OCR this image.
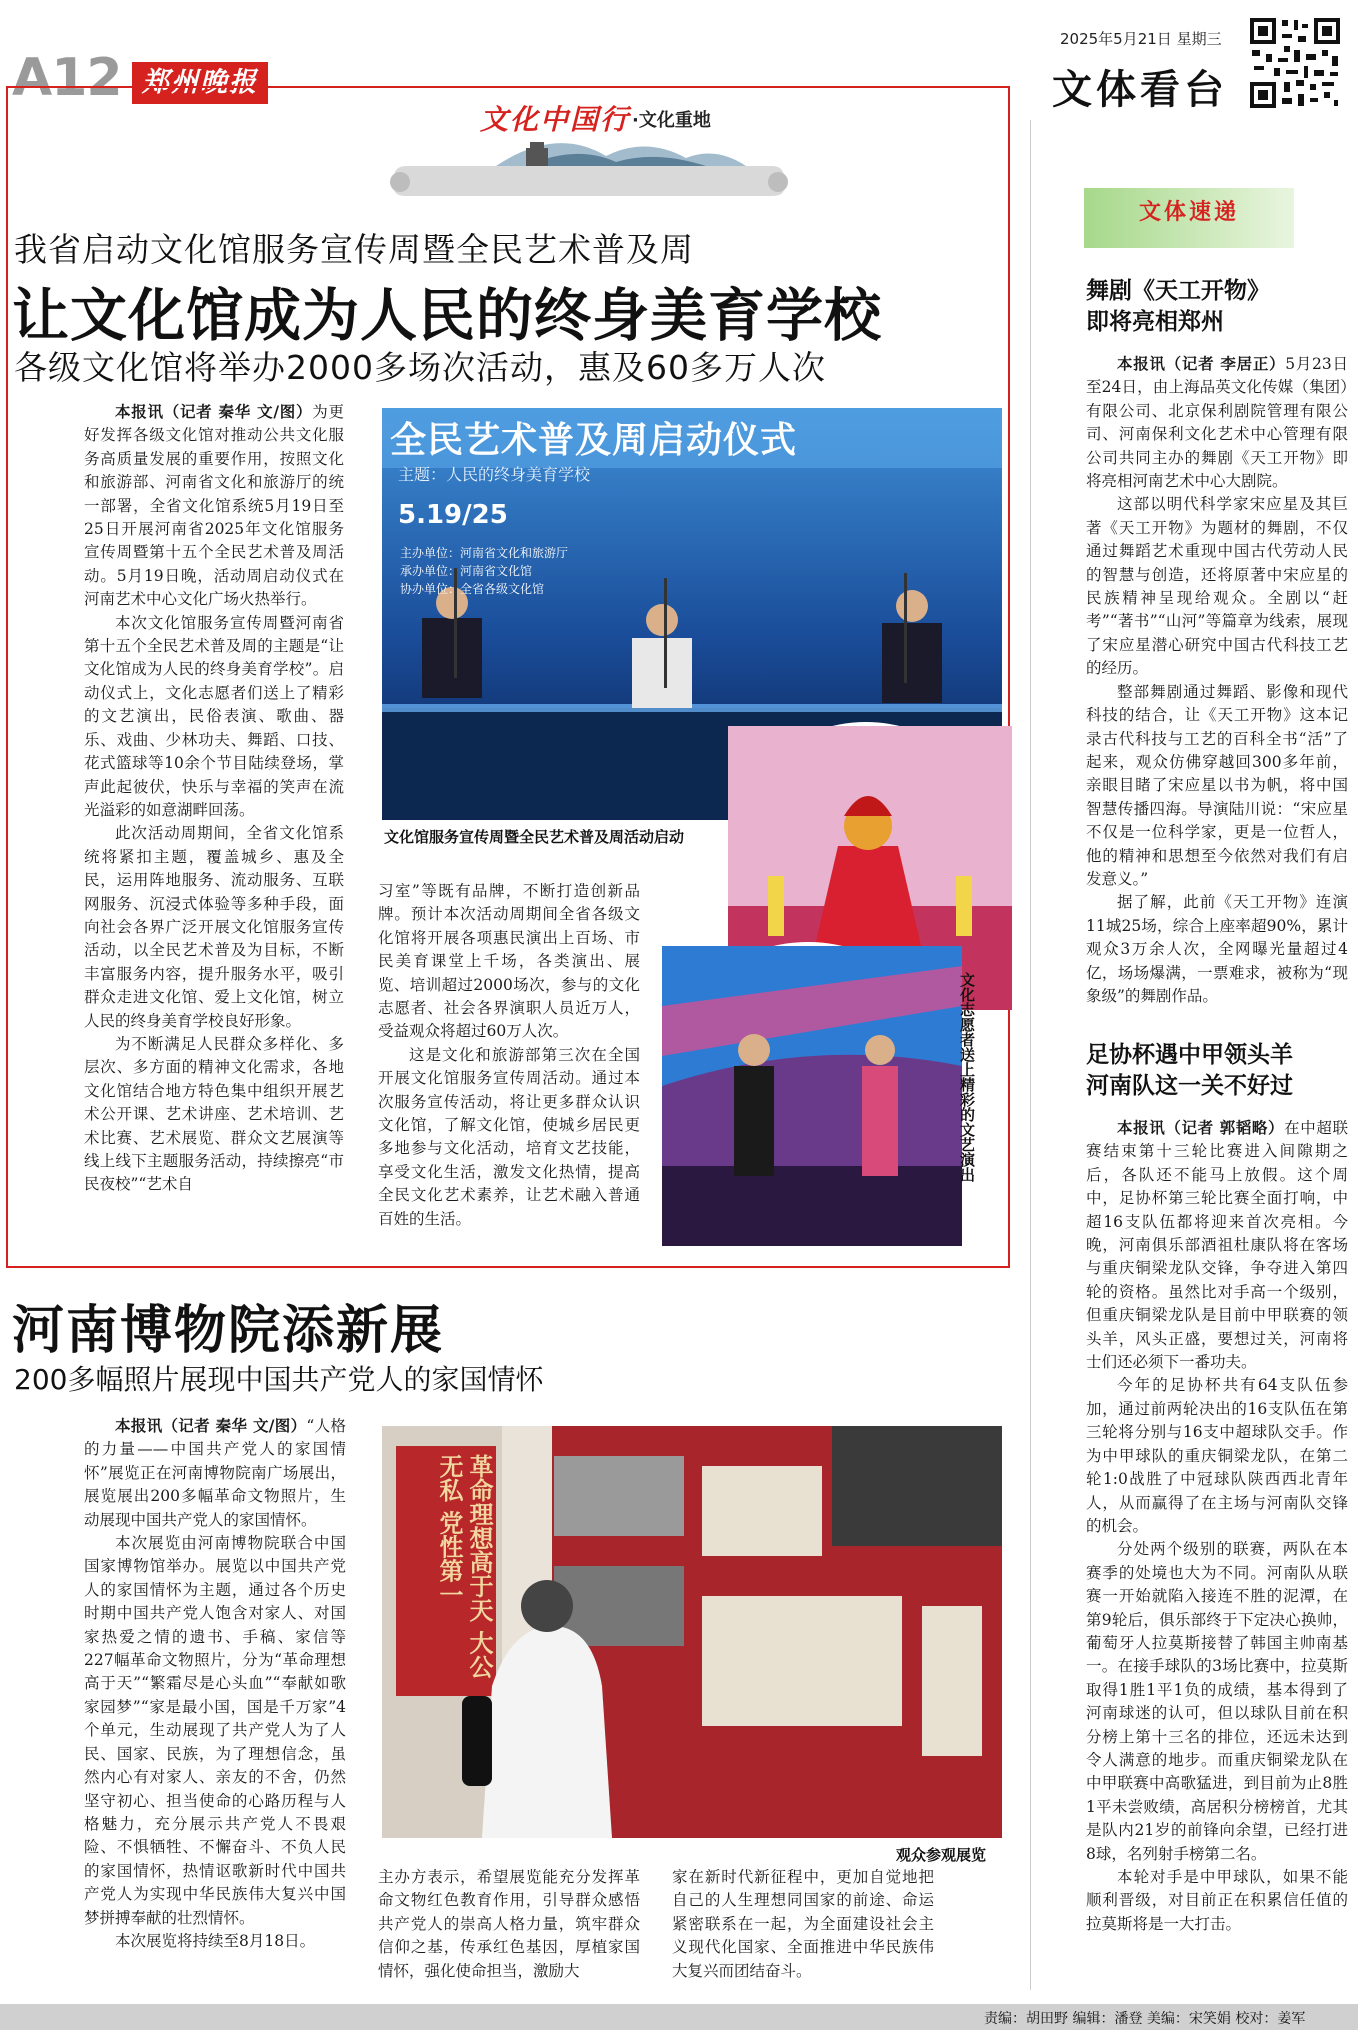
A12 郑州晚报
2025年5月21日 星期三
文体看台
文化中国行 ·文化重地
我省启动文化馆服务宣传周暨全民艺术普及周
让文化馆成为人民的终身美育学校
各级文化馆将举办2000多场次活动，惠及60多万人次

本报讯（记者 秦华 文/图）为更好发挥各级文化馆对推动公共文化服务高质量发展的重要作用，按照文化和旅游部、河南省文化和旅游厅的统一部署，全省文化馆系统5月19日至25日开展河南省2025年文化馆服务宣传周暨第十五个全民艺术普及周活动。5月19日晚，活动周启动仪式在河南艺术中心文化广场火热举行。

本次文化馆服务宣传周暨河南省第十五个全民艺术普及周的主题是“让文化馆成为人民的终身美育学校”。启动仪式上，文化志愿者们送上了精彩的文艺演出，民俗表演、歌曲、器乐、戏曲、少林功夫、舞蹈、口技、花式篮球等10余个节目陆续登场，掌声此起彼伏，快乐与幸福的笑声在流光溢彩的如意湖畔回荡。

此次活动周期间，全省文化馆系统将紧扣主题，覆盖城乡、惠及全民，运用阵地服务、流动服务、互联网服务、沉浸式体验等多种手段，面向社会各界广泛开展文化馆服务宣传活动，以全民艺术普及为目标，不断丰富服务内容，提升服务水平，吸引群众走进文化馆、爱上文化馆，树立人民的终身美育学校良好形象。

为不断满足人民群众多样化、多层次、多方面的精神文化需求，各地文化馆结合地方特色集中组织开展艺术公开课、艺术讲座、艺术培训、艺术比赛、艺术展览、群众文艺展演等线上线下主题服务活动，持续擦亮“市民夜校”“艺术自

全民艺术普及周启动仪式
主题：人民的终身美育学校
5.19/25
主办单位：河南省文化和旅游厅
承办单位：河南省文化馆
协办单位：全省各级文化馆
文化馆服务宣传周暨全民艺术普及周活动启动
文化志愿者送上精彩的文艺演出

习室”等既有品牌，不断打造创新品牌。预计本次活动周期间全省各级文化馆将开展各项惠民演出上百场、市民美育课堂上千场，各类演出、展览、培训超过2000场次，参与的文化志愿者、社会各界演职人员近万人，受益观众将超过60万人次。

这是文化和旅游部第三次在全国开展文化馆服务宣传周活动。通过本次服务宣传活动，将让更多群众认识文化馆，了解文化馆，使城乡居民更多地参与文化活动，培育文艺技能，享受文化生活，激发文化热情，提高全民文化艺术素养，让艺术融入普通百姓的生活。

河南博物院添新展
200多幅照片展现中国共产党人的家国情怀

本报讯（记者 秦华 文/图）“人格的力量——中国共产党人的家国情怀”展览正在河南博物院南广场展出，展览展出200多幅革命文物照片，生动展现中国共产党人的家国情怀。

本次展览由河南博物院联合中国国家博物馆举办。展览以中国共产党人的家国情怀为主题，通过各个历史时期中国共产党人饱含对家人、对国家热爱之情的遗书、手稿、家信等227幅革命文物照片，分为“革命理想高于天”“繁霜尽是心头血”“奉献如歌家园梦”“家是最小国，国是千万家”4个单元，生动展现了共产党人为了人民、国家、民族，为了理想信念，虽然内心有对家人、亲友的不舍，仍然坚守初心、担当使命的心路历程与人格魅力，充分展示共产党人不畏艰险、不惧牺牲、不懈奋斗、不负人民的家国情怀，热情讴歌新时代中国共产党人为实现中华民族伟大复兴中国梦拼搏奉献的壮烈情怀。

本次展览将持续至8月18日。

革命理想高于天 大公无私 党性第一
观众参观展览

主办方表示，希望展览能充分发挥革命文物红色教育作用，引导群众感悟共产党人的崇高人格力量，筑牢群众信仰之基，传承红色基因，厚植家国情怀，强化使命担当，激励大

家在新时代新征程中，更加自觉地把自己的人生理想同国家的前途、命运紧密联系在一起，为全面建设社会主义现代化国家、全面推进中华民族伟大复兴而团结奋斗。

文体速递
舞剧《天工开物》
即将亮相郑州

本报讯（记者 李居正）5月23日至24日，由上海品英文化传媒（集团）有限公司、北京保利剧院管理有限公司、河南保利文化艺术中心管理有限公司共同主办的舞剧《天工开物》即将亮相河南艺术中心大剧院。

这部以明代科学家宋应星及其巨著《天工开物》为题材的舞剧，不仅通过舞蹈艺术重现中国古代劳动人民的智慧与创造，还将原著中宋应星的民族精神呈现给观众。全剧以“赶考”“著书”“山河”等篇章为线索，展现了宋应星潜心研究中国古代科技工艺的经历。

整部舞剧通过舞蹈、影像和现代科技的结合，让《天工开物》这本记录古代科技与工艺的百科全书“活”了起来，观众仿佛穿越回300多年前，亲眼目睹了宋应星以书为帆，将中国智慧传播四海。导演陆川说：“宋应星不仅是一位科学家，更是一位哲人，他的精神和思想至今依然对我们有启发意义。”

据了解，此前《天工开物》连演11城25场，综合上座率超90%，累计观众3万余人次，全网曝光量超过4亿，场场爆满，一票难求，被称为“现象级”的舞剧作品。

足协杯遇中甲领头羊
河南队这一关不好过

本报讯（记者 郭韬略）在中超联赛结束第十三轮比赛进入间隙期之后，各队还不能马上放假。这个周中，足协杯第三轮比赛全面打响，中超16支队伍都将迎来首次亮相。今晚，河南俱乐部酒祖杜康队将在客场与重庆铜梁龙队交锋，争夺进入第四轮的资格。虽然比对手高一个级别，但重庆铜梁龙队是目前中甲联赛的领头羊，风头正盛，要想过关，河南将士们还必须下一番功夫。

今年的足协杯共有64支队伍参加，通过前两轮决出的16支队伍在第三轮将分别与16支中超球队交手。作为中甲球队的重庆铜梁龙队，在第二轮1:0战胜了中冠球队陕西西北青年人，从而赢得了在主场与河南队交锋的机会。

分处两个级别的联赛，两队在本赛季的处境也大为不同。河南队从联赛一开始就陷入接连不胜的泥潭，在第9轮后，俱乐部终于下定决心换帅，葡萄牙人拉莫斯接替了韩国主帅南基一。在接手球队的3场比赛中，拉莫斯取得1胜1平1负的成绩，基本得到了河南球迷的认可，但以球队目前在积分榜上第十三名的排位，还远未达到令人满意的地步。而重庆铜梁龙队在中甲联赛中高歌猛进，到目前为止8胜1平未尝败绩，高居积分榜榜首，尤其是队内21岁的前锋向余望，已经打进8球，名列射手榜第二名。

本轮对手是中甲球队，如果不能顺利晋级，对目前正在积累信任值的拉莫斯将是一大打击。

责编：胡田野 编辑：潘登 美编：宋笑娟 校对：姜军
